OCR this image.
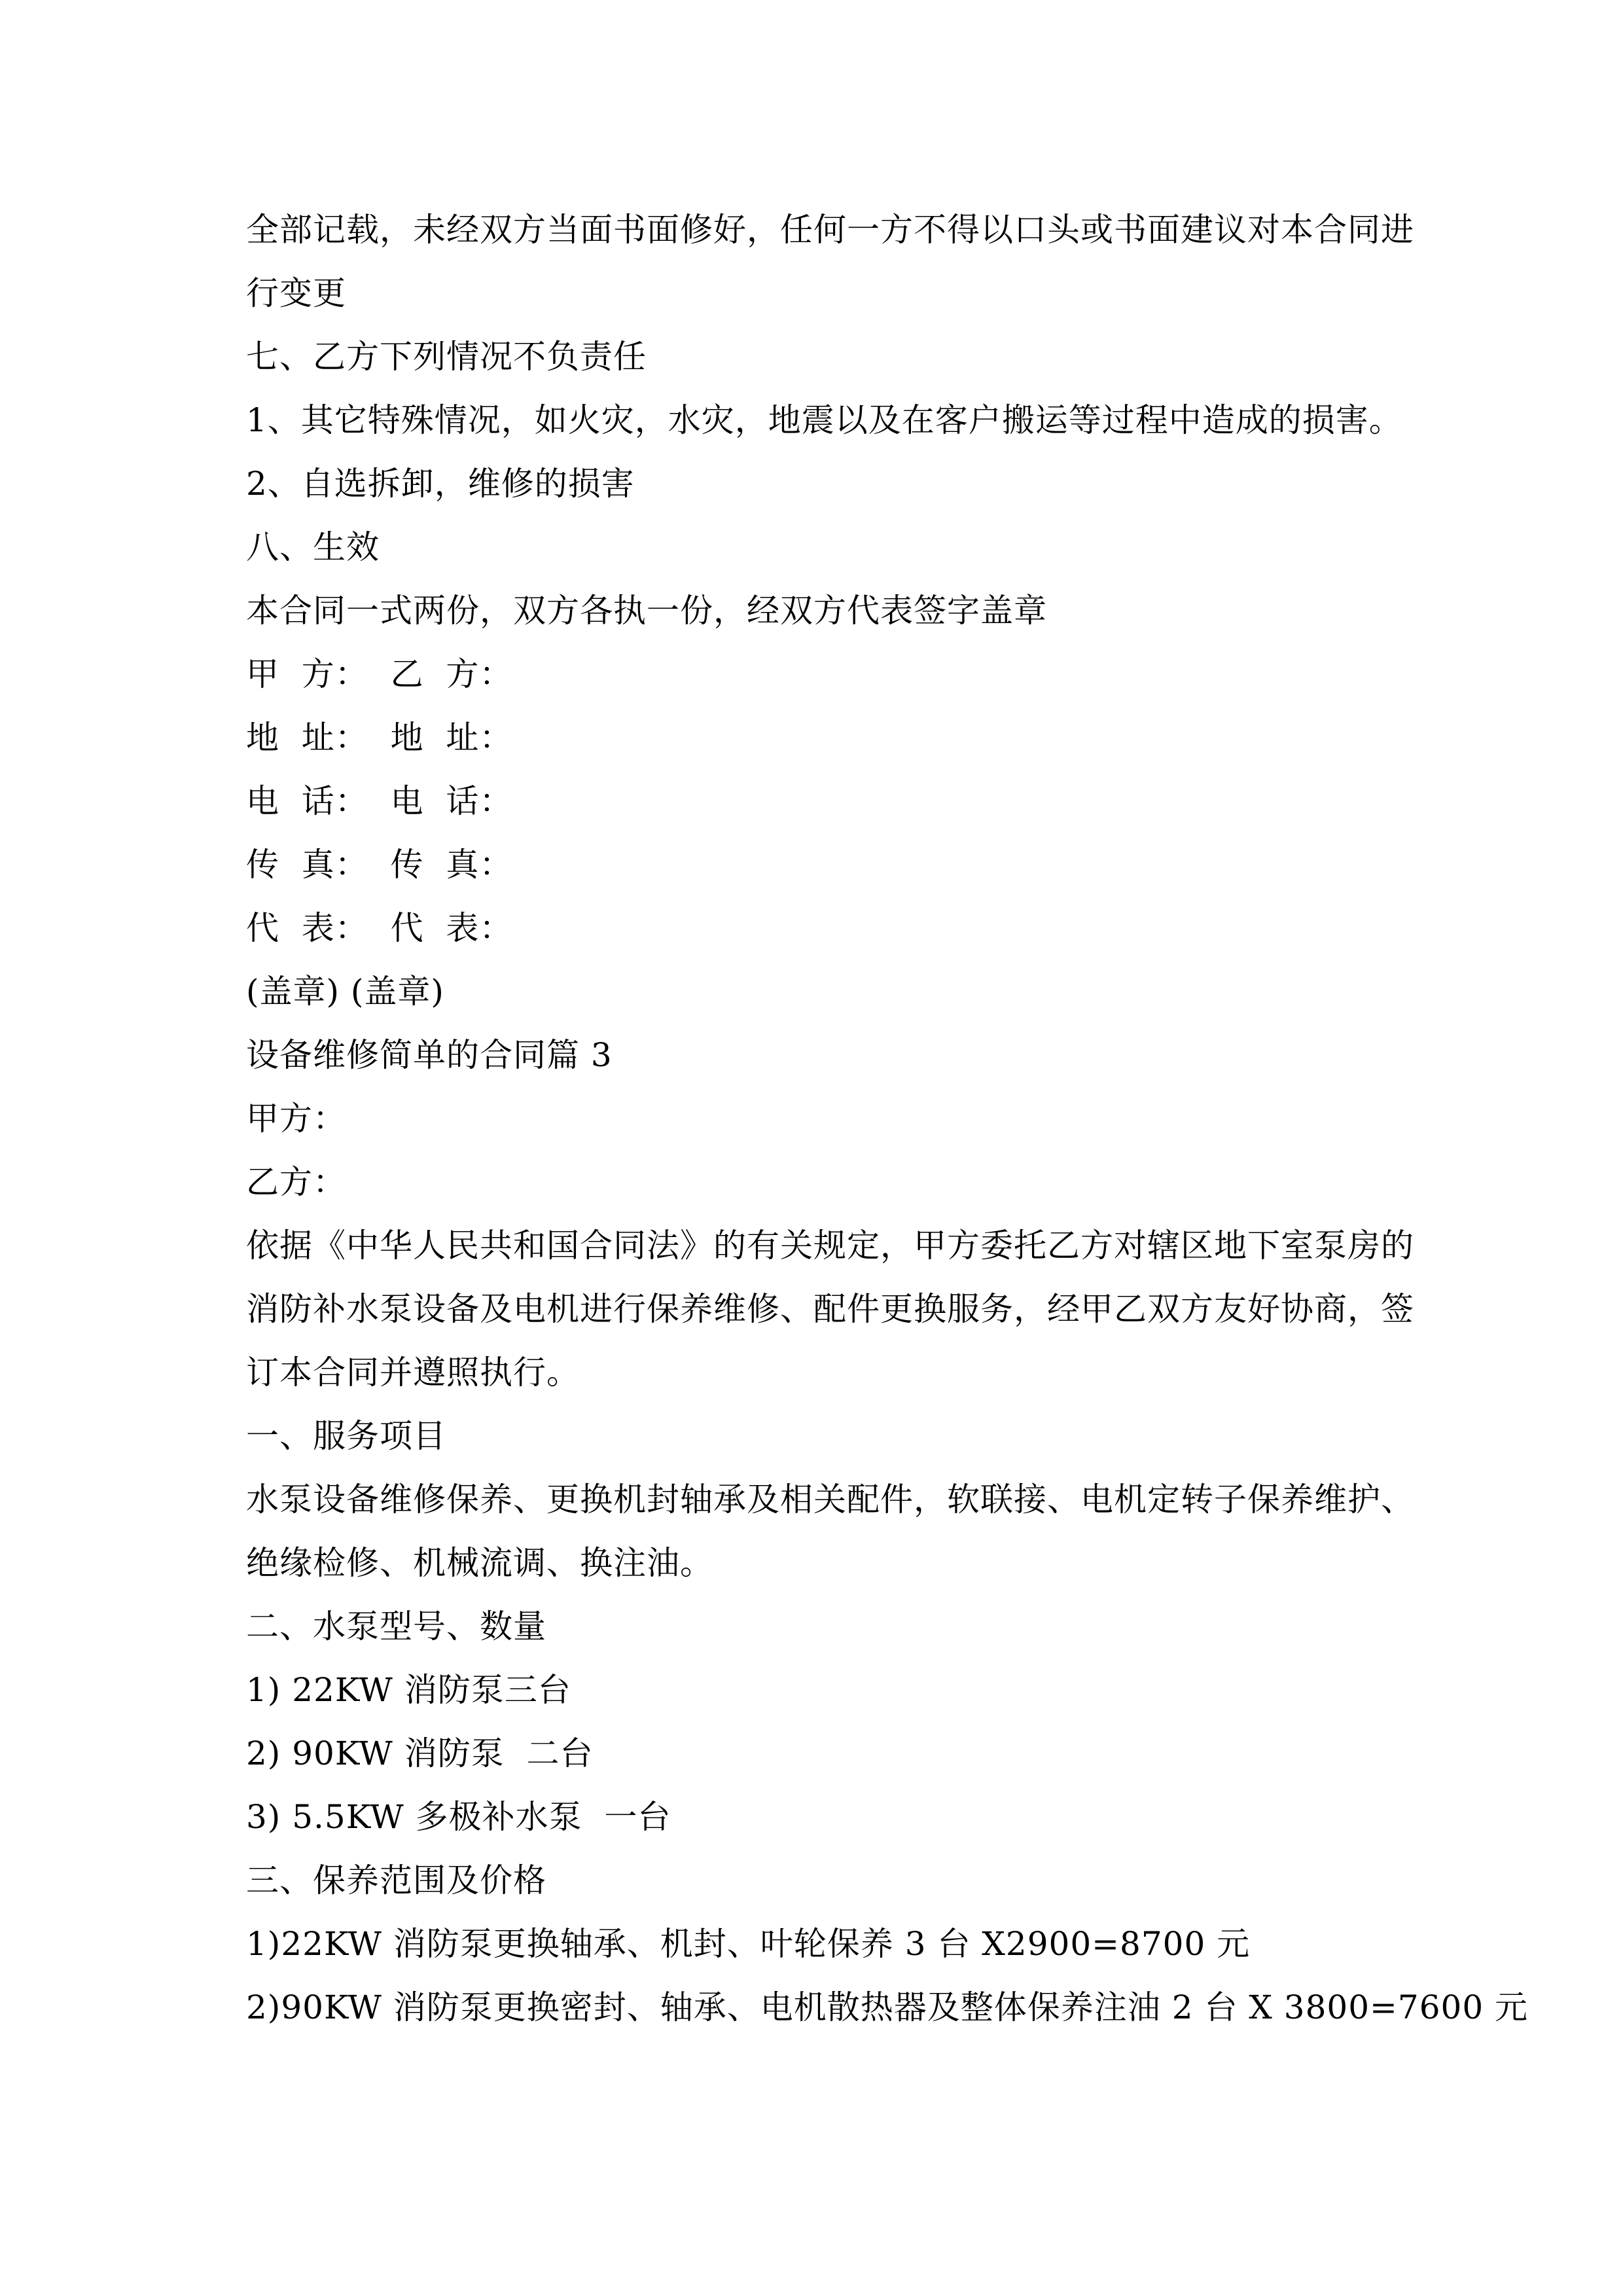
全部记载，未经双方当面书面修好，任何一方不得以口头或书面建议对本合同进
行变更
七、乙方下列情况不负责任
1、其它特殊情况，如火灾，水灾，地震以及在客户搬运等过程中造成的损害。
2、自选拆卸，维修的损害
八、生效
本合同一式两份，双方各执一份，经双方代表签字盖章
甲  方：  乙  方：
地  址：  地  址：
电  话：  电  话：
传  真：  传  真：
代  表：  代  表：
(盖章) (盖章)
设备维修简单的合同篇 3
甲方：
乙方：
依据《中华人民共和国合同法》的有关规定，甲方委托乙方对辖区地下室泵房的
消防补水泵设备及电机进行保养维修、配件更换服务，经甲乙双方友好协商，签
订本合同并遵照执行。
一、服务项目
水泵设备维修保养、更换机封轴承及相关配件，软联接、电机定转子保养维护、
绝缘检修、机械流调、换注油。
二、水泵型号、数量
1) 22KW 消防泵三台
2) 90KW 消防泵  二台
3) 5.5KW 多极补水泵  一台
三、保养范围及价格
1)22KW 消防泵更换轴承、机封、叶轮保养 3 台 X2900=8700 元
2)90KW 消防泵更换密封、轴承、电机散热器及整体保养注油 2 台 X 3800=7600 元
